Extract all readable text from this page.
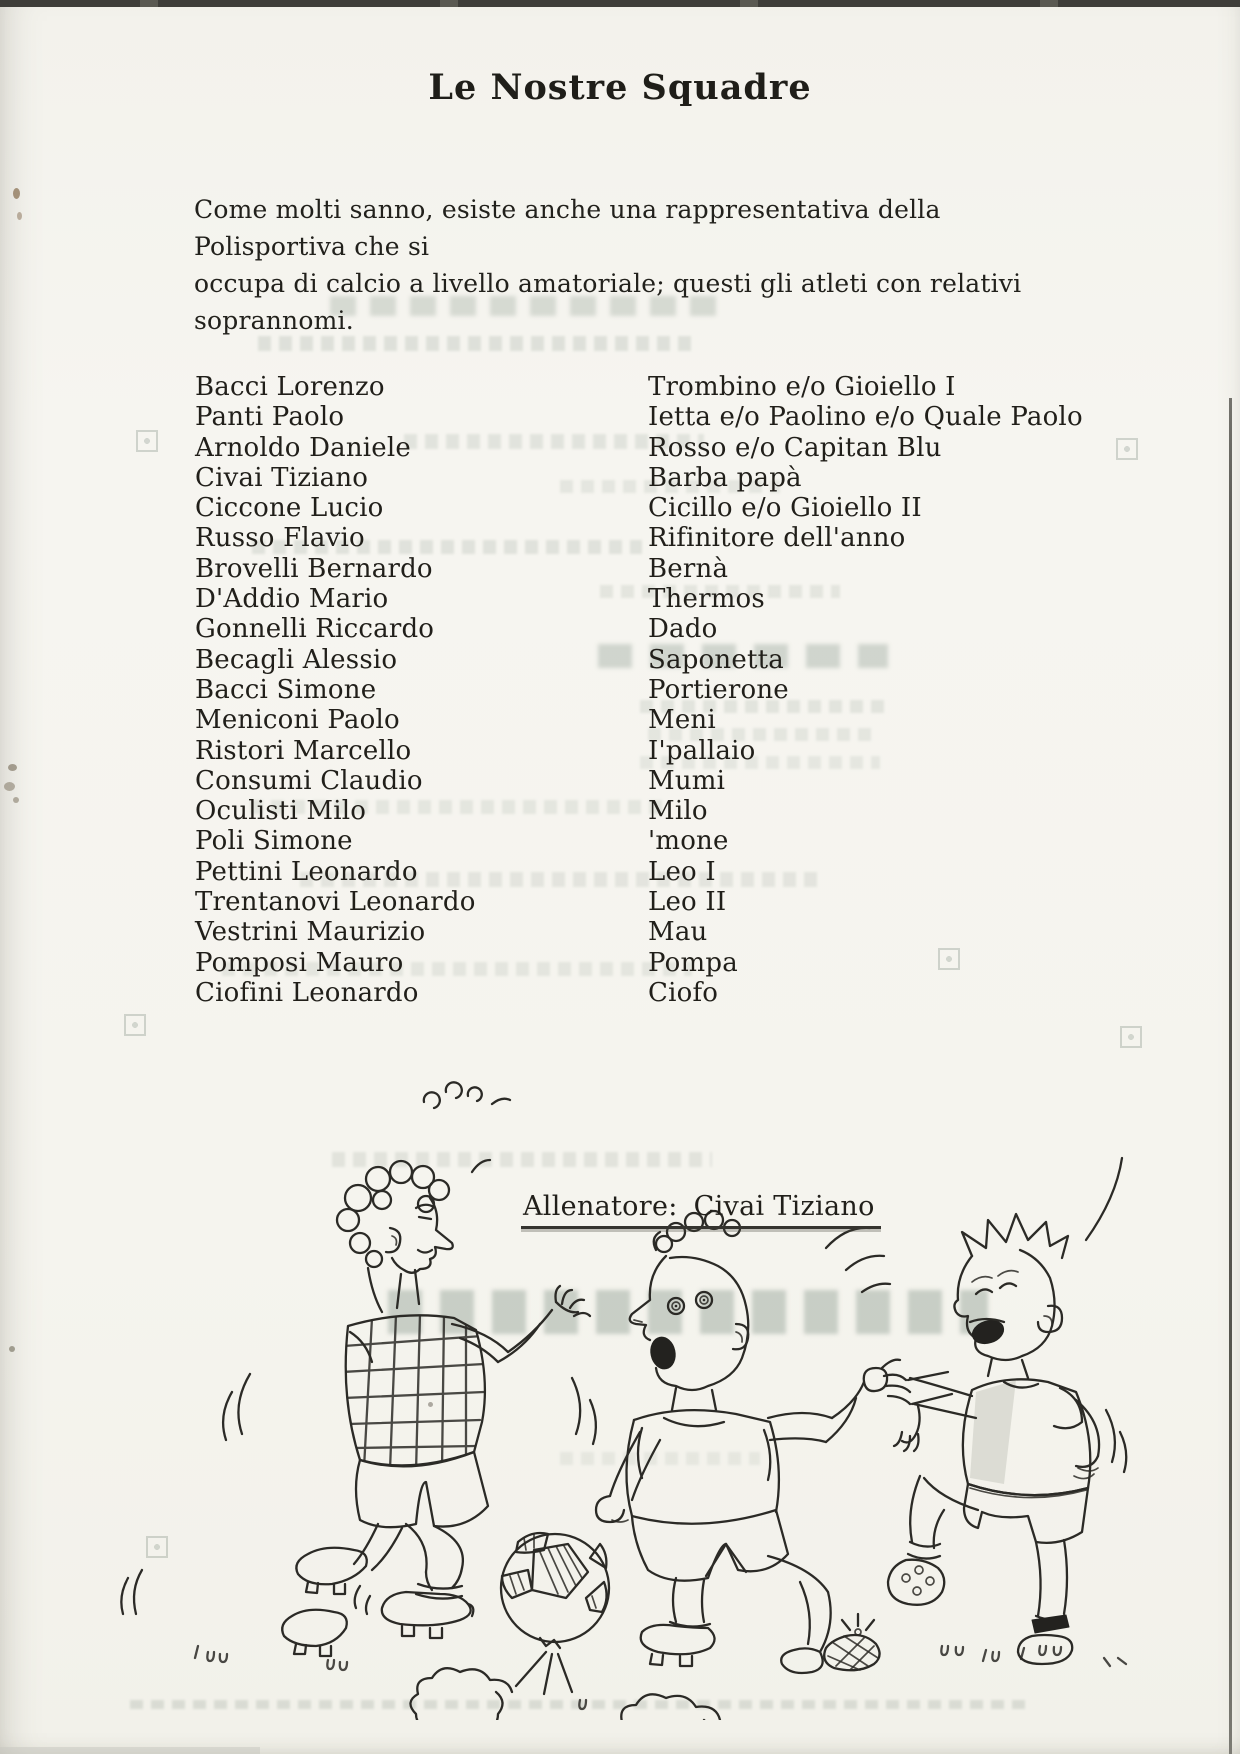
Le Nostre Squadre
Come molti sanno, esiste anche una rappresentativa della Polisportiva che si
occupa di calcio a livello amatoriale; questi gli atleti con relativi soprannomi.
Bacci Lorenzo	Trombino e/o Gioiello I
Panti Paolo	Ietta e/o Paolino e/o Quale Paolo
Arnoldo Daniele	Rosso e/o Capitan Blu
Civai Tiziano	Barba papà
Ciccone Lucio	Cicillo e/o Gioiello II
Russo Flavio	Rifinitore dell'anno
Brovelli Bernardo	Bernà
D'Addio Mario	Thermos
Gonnelli Riccardo	Dado
Becagli Alessio	Saponetta
Bacci Simone	Portierone
Meniconi Paolo	Meni
Ristori Marcello	I'pallaio
Consumi Claudio	Mumi
Oculisti Milo	Milo
Poli Simone	'mone
Pettini Leonardo	Leo I
Trentanovi Leonardo	Leo II
Vestrini Maurizio	Mau
Pomposi Mauro	Pompa
Ciofini Leonardo	Ciofo
Allenatore: Civai Tiziano
